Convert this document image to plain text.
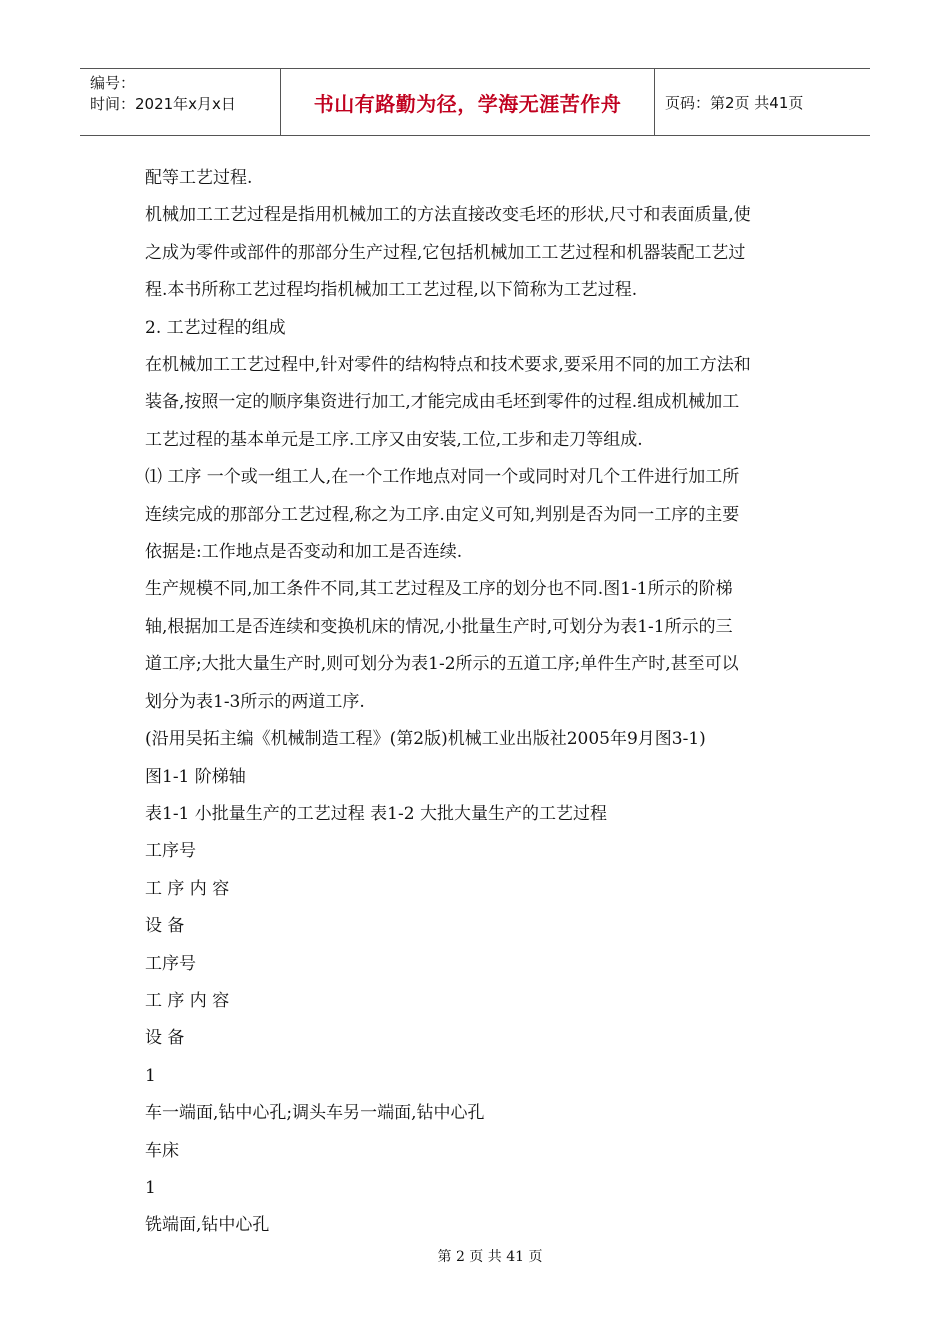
编号：
时间：2021年x月x日	书山有路勤为径，学海无涯苦作舟	页码：第2页 共41页

配等工艺过程.

机械加工工艺过程是指用机械加工的方法直接改变毛坯的形状,尺寸和表面质量,使

之成为零件或部件的那部分生产过程,它包括机械加工工艺过程和机器装配工艺过

程.本书所称工艺过程均指机械加工工艺过程,以下简称为工艺过程.

2. 工艺过程的组成

在机械加工工艺过程中,针对零件的结构特点和技术要求,要采用不同的加工方法和

装备,按照一定的顺序集资进行加工,才能完成由毛坯到零件的过程.组成机械加工

工艺过程的基本单元是工序.工序又由安装,工位,工步和走刀等组成.

⑴ 工序 一个或一组工人,在一个工作地点对同一个或同时对几个工件进行加工所

连续完成的那部分工艺过程,称之为工序.由定义可知,判别是否为同一工序的主要

依据是:工作地点是否变动和加工是否连续.

生产规模不同,加工条件不同,其工艺过程及工序的划分也不同.图1-1所示的阶梯

轴,根据加工是否连续和变换机床的情况,小批量生产时,可划分为表1-1所示的三

道工序;大批大量生产时,则可划分为表1-2所示的五道工序;单件生产时,甚至可以

划分为表1-3所示的两道工序.

(沿用吴拓主编《机械制造工程》(第2版)机械工业出版社2005年9月图3-1)

图1-1 阶梯轴

表1-1 小批量生产的工艺过程 表1-2 大批大量生产的工艺过程

工序号

工 序 内 容

设 备

工序号

工 序 内 容

设 备

1

车一端面,钻中心孔;调头车另一端面,钻中心孔

车床

1

铣端面,钻中心孔

第 2 页 共 41 页
